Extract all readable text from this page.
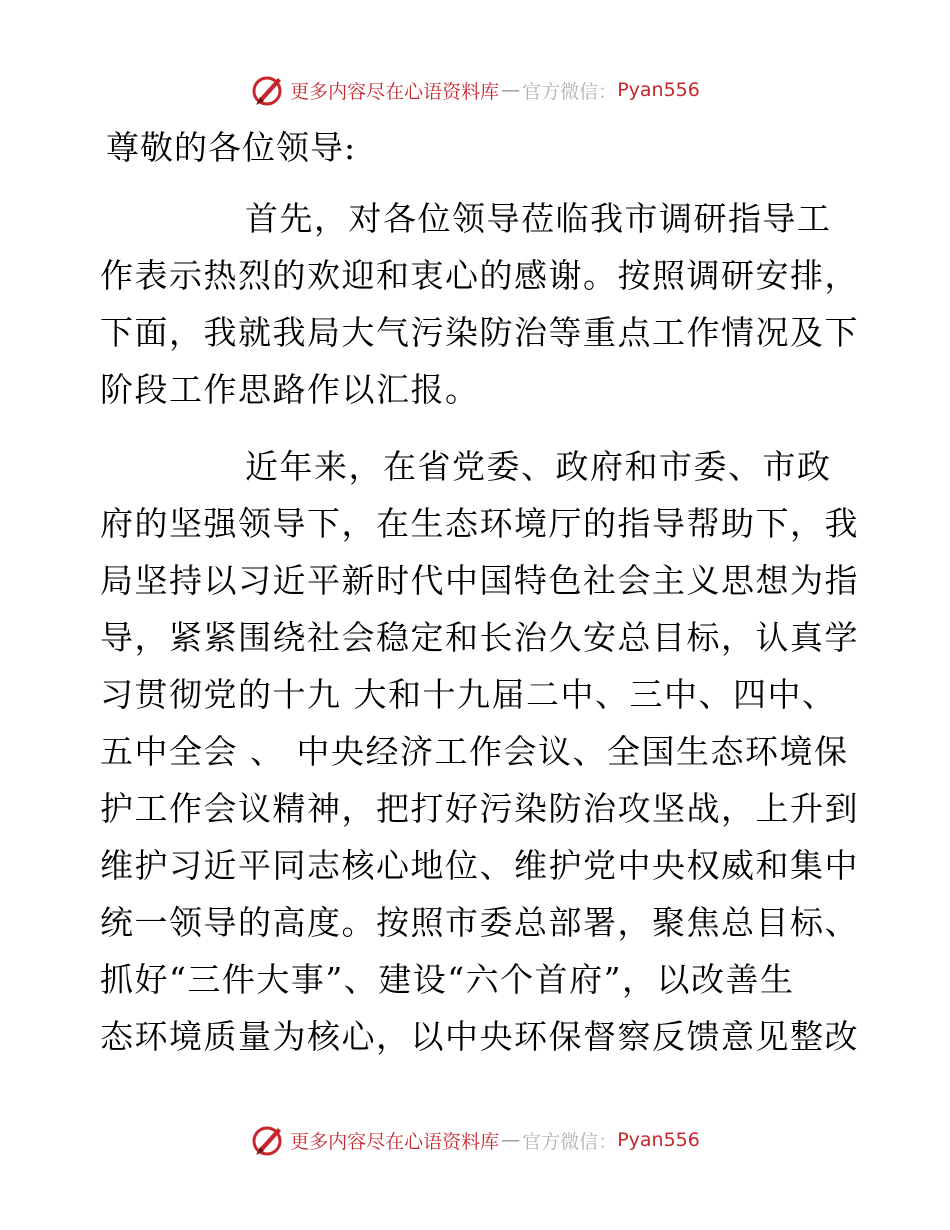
更多内容尽在心语资料库 — 官方微信： Pyan556
尊敬的各位领导:
首先，对各位领导莅临我市调研指导工
作表示热烈的欢迎和衷心的感谢。按照调研安排，
下面，我就我局大气污染防治等重点工作情况及下
阶段工作思路作以汇报。
近年来，在省党委、政府和市委、市政
府的坚强领导下，在生态环境厅的指导帮助下，我
局坚持以习近平新时代中国特色社会主义思想为指
导，紧紧围绕社会稳定和长治久安总目标，认真学
习贯彻党的十九 大和十九届二中、三中、四中、
五中全会 、 中央经济工作会议、全国生态环境保
护工作会议精神，把打好污染防治攻坚战，上升到
维护习近平同志核心地位、维护党中央权威和集中
统一领导的高度。按照市委总部署，聚焦总目标、
抓好“三件大事”、建设“六个首府”，以改善生
态环境质量为核心，以中央环保督察反馈意见整改
更多内容尽在心语资料库 — 官方微信： Pyan556
